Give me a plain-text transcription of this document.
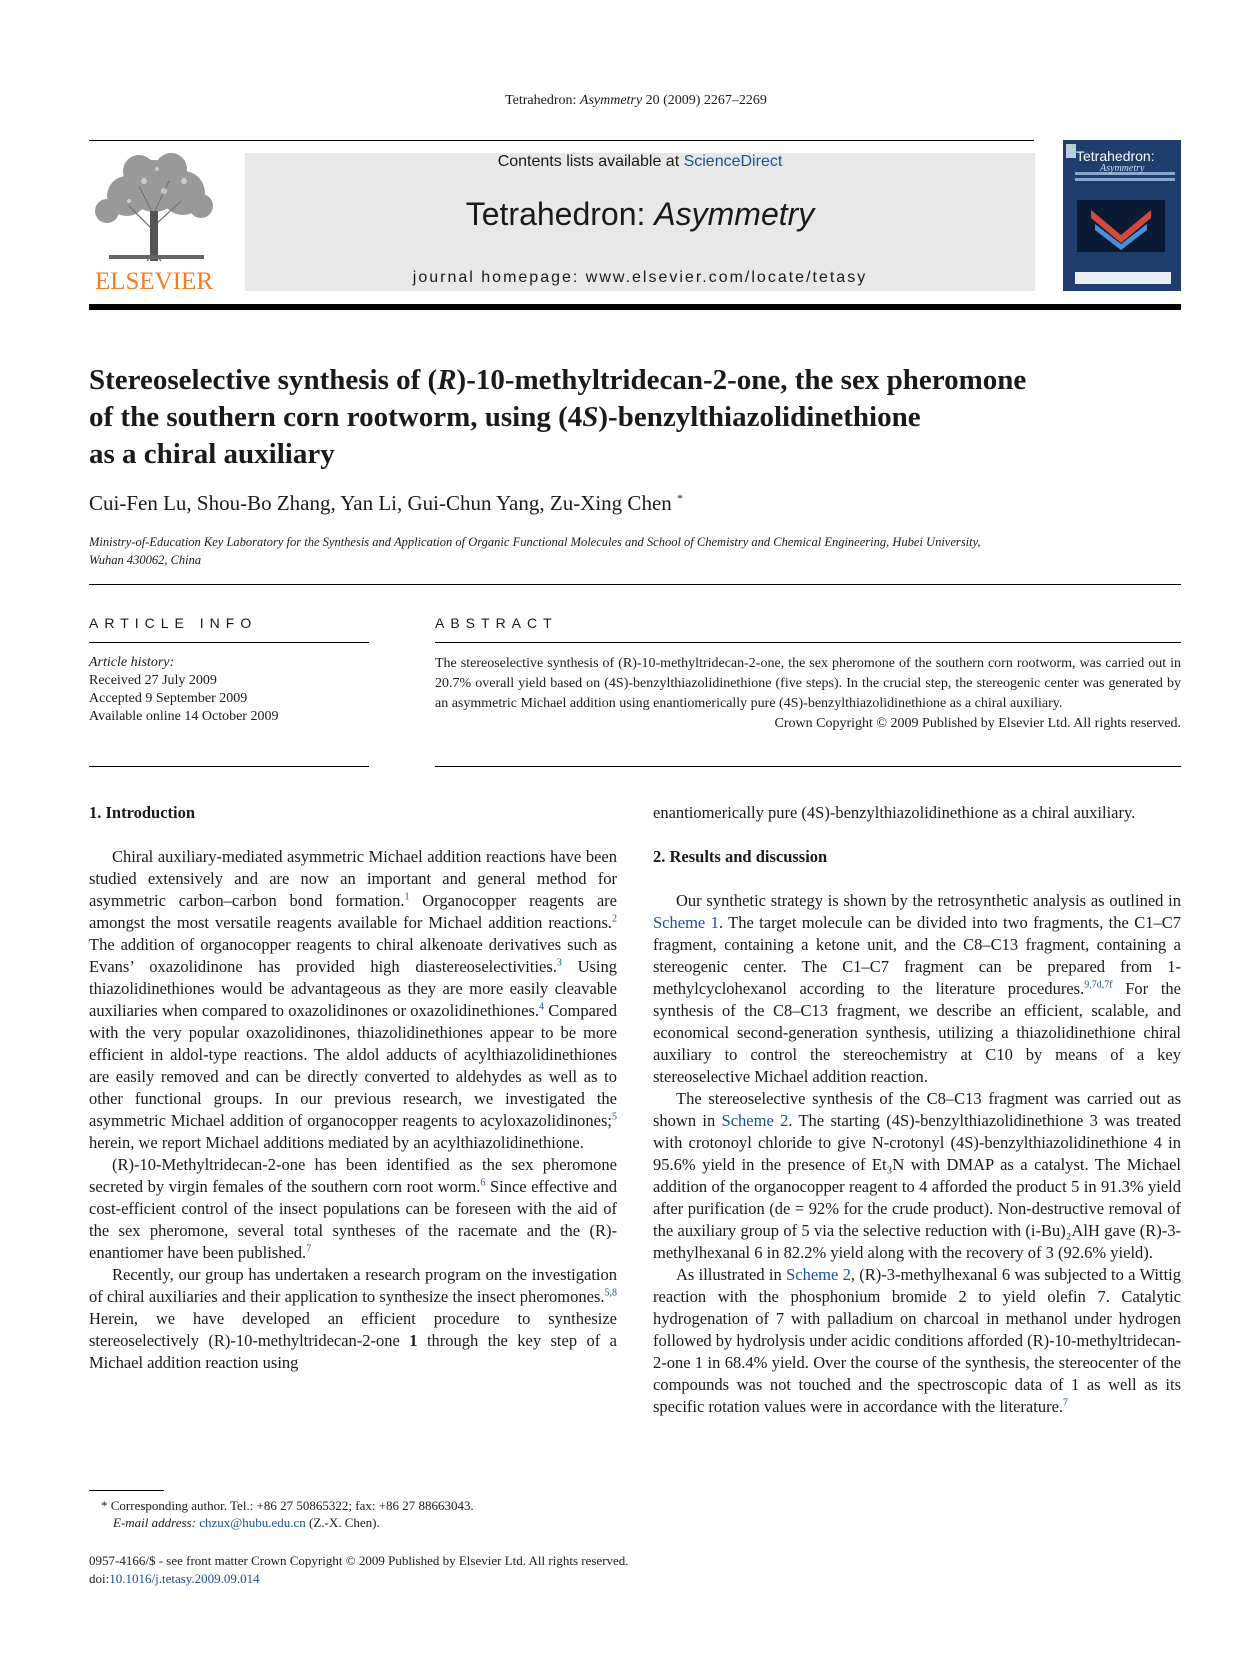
Tetrahedron: Asymmetry 20 (2009) 2267–2269
ELSEVIER
Contents lists available at ScienceDirect
Tetrahedron: Asymmetry
journal homepage: www.elsevier.com/locate/tetasy
Tetrahedron:
Asymmetry
Stereoselective synthesis of (R)-10-methyltridecan-2-one, the sex pheromone
of the southern corn rootworm, using (4S)-benzylthiazolidinethione
as a chiral auxiliary
Cui-Fen Lu, Shou-Bo Zhang, Yan Li, Gui-Chun Yang, Zu-Xing Chen *
Ministry-of-Education Key Laboratory for the Synthesis and Application of Organic Functional Molecules and School of Chemistry and Chemical Engineering, Hubei University,
Wuhan 430062, China
ARTICLE INFO	ABSTRACT
Article history:
Received 27 July 2009
Accepted 9 September 2009
Available online 14 October 2009
The stereoselective synthesis of (R)-10-methyltridecan-2-one, the sex pheromone of the southern corn rootworm, was carried out in 20.7% overall yield based on (4S)-benzylthiazolidinethione (five steps). In the crucial step, the stereogenic center was generated by an asymmetric Michael addition using enantiomerically pure (4S)-benzylthiazolidinethione as a chiral auxiliary.
Crown Copyright © 2009 Published by Elsevier Ltd. All rights reserved.
1. Introduction

Chiral auxiliary-mediated asymmetric Michael addition reactions have been studied extensively and are now an important and general method for asymmetric carbon–carbon bond formation.$^1$ Organocopper reagents are amongst the most versatile reagents available for Michael addition reactions.$^2$ The addition of organocopper reagents to chiral alkenoate derivatives such as Evans’ oxazolidinone has provided high diastereoselectivities.$^3$ Using thiazolidinethiones would be advantageous as they are more easily cleavable auxiliaries when compared to oxazolidinones or oxazolidinethiones.$^4$ Compared with the very popular oxazolidinones, thiazolidinethiones appear to be more efficient in aldol-type reactions. The aldol adducts of acylthiazolidinethiones are easily removed and can be directly converted to aldehydes as well as to other functional groups. In our previous research, we investigated the asymmetric Michael addition of organocopper reagents to acyloxazolidinones;$^5$ herein, we report Michael additions mediated by an acylthiazolidinethione.

(R)-10-Methyltridecan-2-one has been identified as the sex pheromone secreted by virgin females of the southern corn root worm.$^6$ Since effective and cost-efficient control of the insect populations can be foreseen with the aid of the sex pheromone, several total syntheses of the racemate and the (R)-enantiomer have been published.$^7$

Recently, our group has undertaken a research program on the investigation of chiral auxiliaries and their application to synthesize the insect pheromones.$^{5,8}$ Herein, we have developed an efficient procedure to synthesize stereoselectively (R)-10-methyltridecan-2-one 1 through the key step of a Michael addition reaction using

enantiomerically pure (4S)-benzylthiazolidinethione as a chiral auxiliary.

2. Results and discussion

Our synthetic strategy is shown by the retrosynthetic analysis as outlined in Scheme 1. The target molecule can be divided into two fragments, the C1–C7 fragment, containing a ketone unit, and the C8–C13 fragment, containing a stereogenic center. The C1–C7 fragment can be prepared from 1-methylcyclohexanol according to the literature procedures.$^{9,7d,7f}$ For the synthesis of the C8–C13 fragment, we describe an efficient, scalable, and economical second-generation synthesis, utilizing a thiazolidinethione chiral auxiliary to control the stereochemistry at C10 by means of a key stereoselective Michael addition reaction.

The stereoselective synthesis of the C8–C13 fragment was carried out as shown in Scheme 2. The starting (4S)-benzylthiazolidinethione 3 was treated with crotonoyl chloride to give N-crotonyl (4S)-benzylthiazolidinethione 4 in 95.6% yield in the presence of Et₃N with DMAP as a catalyst. The Michael addition of the organocopper reagent to 4 afforded the product 5 in 91.3% yield after purification (de = 92% for the crude product). Non-destructive removal of the auxiliary group of 5 via the selective reduction with (i-Bu)₂AlH gave (R)-3-methylhexanal 6 in 82.2% yield along with the recovery of 3 (92.6% yield).

As illustrated in Scheme 2, (R)-3-methylhexanal 6 was subjected to a Wittig reaction with the phosphonium bromide 2 to yield olefin 7. Catalytic hydrogenation of 7 with palladium on charcoal in methanol under hydrogen followed by hydrolysis under acidic conditions afforded (R)-10-methyltridecan-2-one 1 in 68.4% yield. Over the course of the synthesis, the stereocenter of the compounds was not touched and the spectroscopic data of 1 as well as its specific rotation values were in accordance with the literature.$^7$

* Corresponding author. Tel.: +86 27 50865322; fax: +86 27 88663043.
E-mail address: chzux@hubu.edu.cn (Z.-X. Chen).
0957-4166/$ - see front matter Crown Copyright © 2009 Published by Elsevier Ltd. All rights reserved.
doi:10.1016/j.tetasy.2009.09.014
